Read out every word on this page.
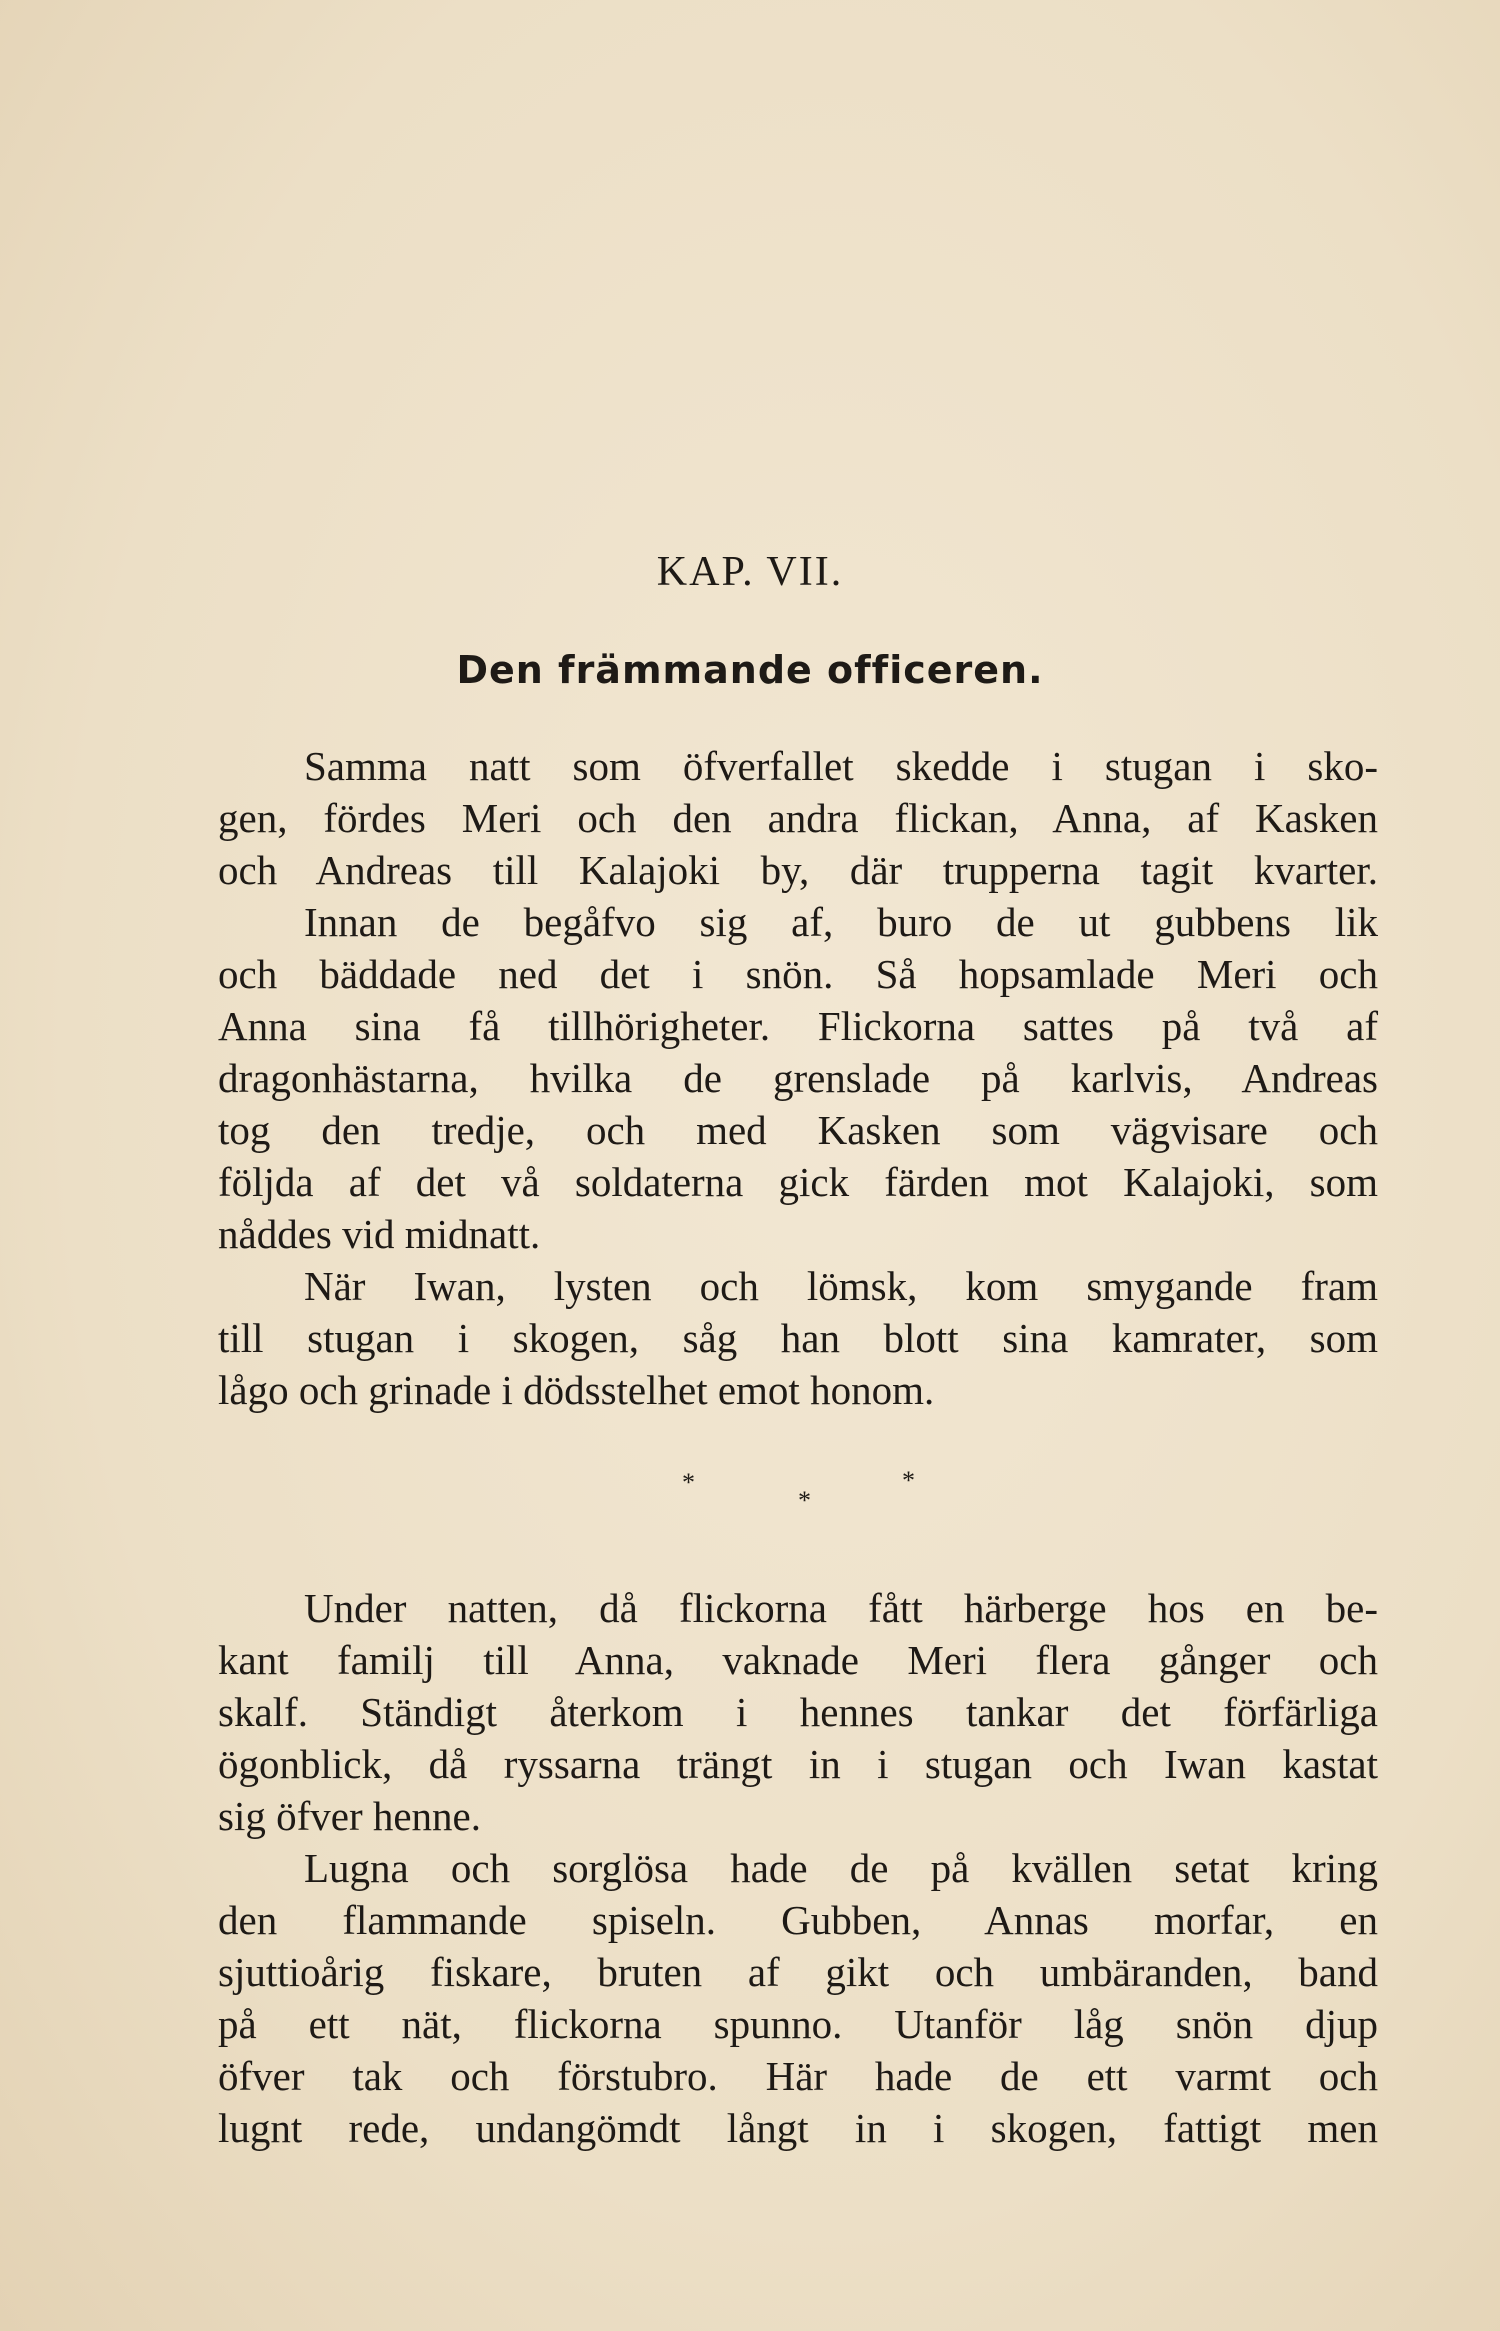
KAP. VII.
Den främmande officeren.
Samma natt som öfverfallet skedde i stugan i sko-
gen, fördes Meri och den andra flickan, Anna, af Kasken
och Andreas till Kalajoki by, där trupperna tagit kvarter.
Innan de begåfvo sig af, buro de ut gubbens lik
och bäddade ned det i snön. Så hopsamlade Meri och
Anna sina få tillhörigheter. Flickorna sattes på två af
dragonhästarna, hvilka de grenslade på karlvis, Andreas
tog den tredje, och med Kasken som vägvisare och
följda af det vå soldaterna gick färden mot Kalajoki, som
nåddes vid midnatt.
När Iwan, lysten och lömsk, kom smygande fram
till stugan i skogen, såg han blott sina kamrater, som
lågo och grinade i dödsstelhet emot honom.
*
*
*
Under natten, då flickorna fått härberge hos en be-
kant familj till Anna, vaknade Meri flera gånger och
skalf. Ständigt återkom i hennes tankar det förfärliga
ögonblick, då ryssarna trängt in i stugan och Iwan kastat
sig öfver henne.
Lugna och sorglösa hade de på kvällen setat kring
den flammande spiseln. Gubben, Annas morfar, en
sjuttioårig fiskare, bruten af gikt och umbäranden, band
på ett nät, flickorna spunno. Utanför låg snön djup
öfver tak och förstubro. Här hade de ett varmt och
lugnt rede, undangömdt långt in i skogen, fattigt men
